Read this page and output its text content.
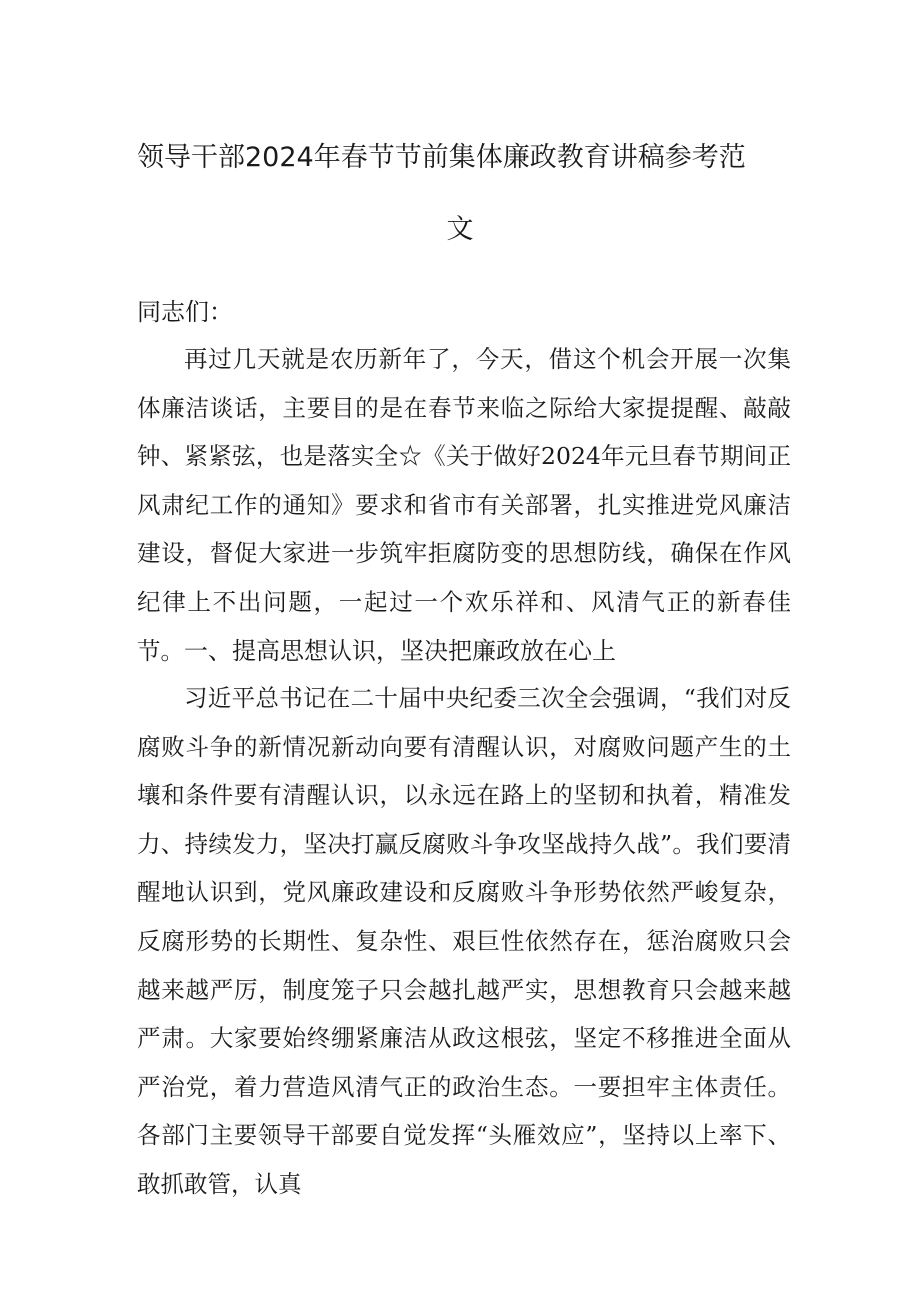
领导干部2024年春节节前集体廉政教育讲稿参考范
文
同志们：

再过几天就是农历新年了，今天，借这个机会开展一次集体廉洁谈话，主要目的是在春节来临之际给大家提提醒、敲敲钟、紧紧弦，也是落实全☆《关于做好2024年元旦春节期间正风肃纪工作的通知》要求和省市有关部署，扎实推进党风廉洁建设，督促大家进一步筑牢拒腐防变的思想防线，确保在作风纪律上不出问题，一起过一个欢乐祥和、风清气正的新春佳节。 一、提高思想认识，坚决把廉政放在心上

习近平总书记在二十届中央纪委三次全会强调，“我们对反腐败斗争的新情况新动向要有清醒认识，对腐败问题产生的土壤和条件要有清醒认识，以永远在路上的坚韧和执着，精准发力、持续发力，坚决打赢反腐败斗争攻坚战持久战”。我们要清醒地认识到，党风廉政建设和反腐败斗争形势依然严峻复杂，反腐形势的长期性、复杂性、艰巨性依然存在，惩治腐败只会越来越严厉，制度笼子只会越扎越严实，思想教育只会越来越严肃。大家要始终绷紧廉洁从政这根弦，坚定不移推进全面从严治党，着力营造风清气正的政治生态。一要担牢主体责任。各部门主要领导干部要自觉发挥“头雁效应”，坚持以上率下、敢抓敢管，认真
